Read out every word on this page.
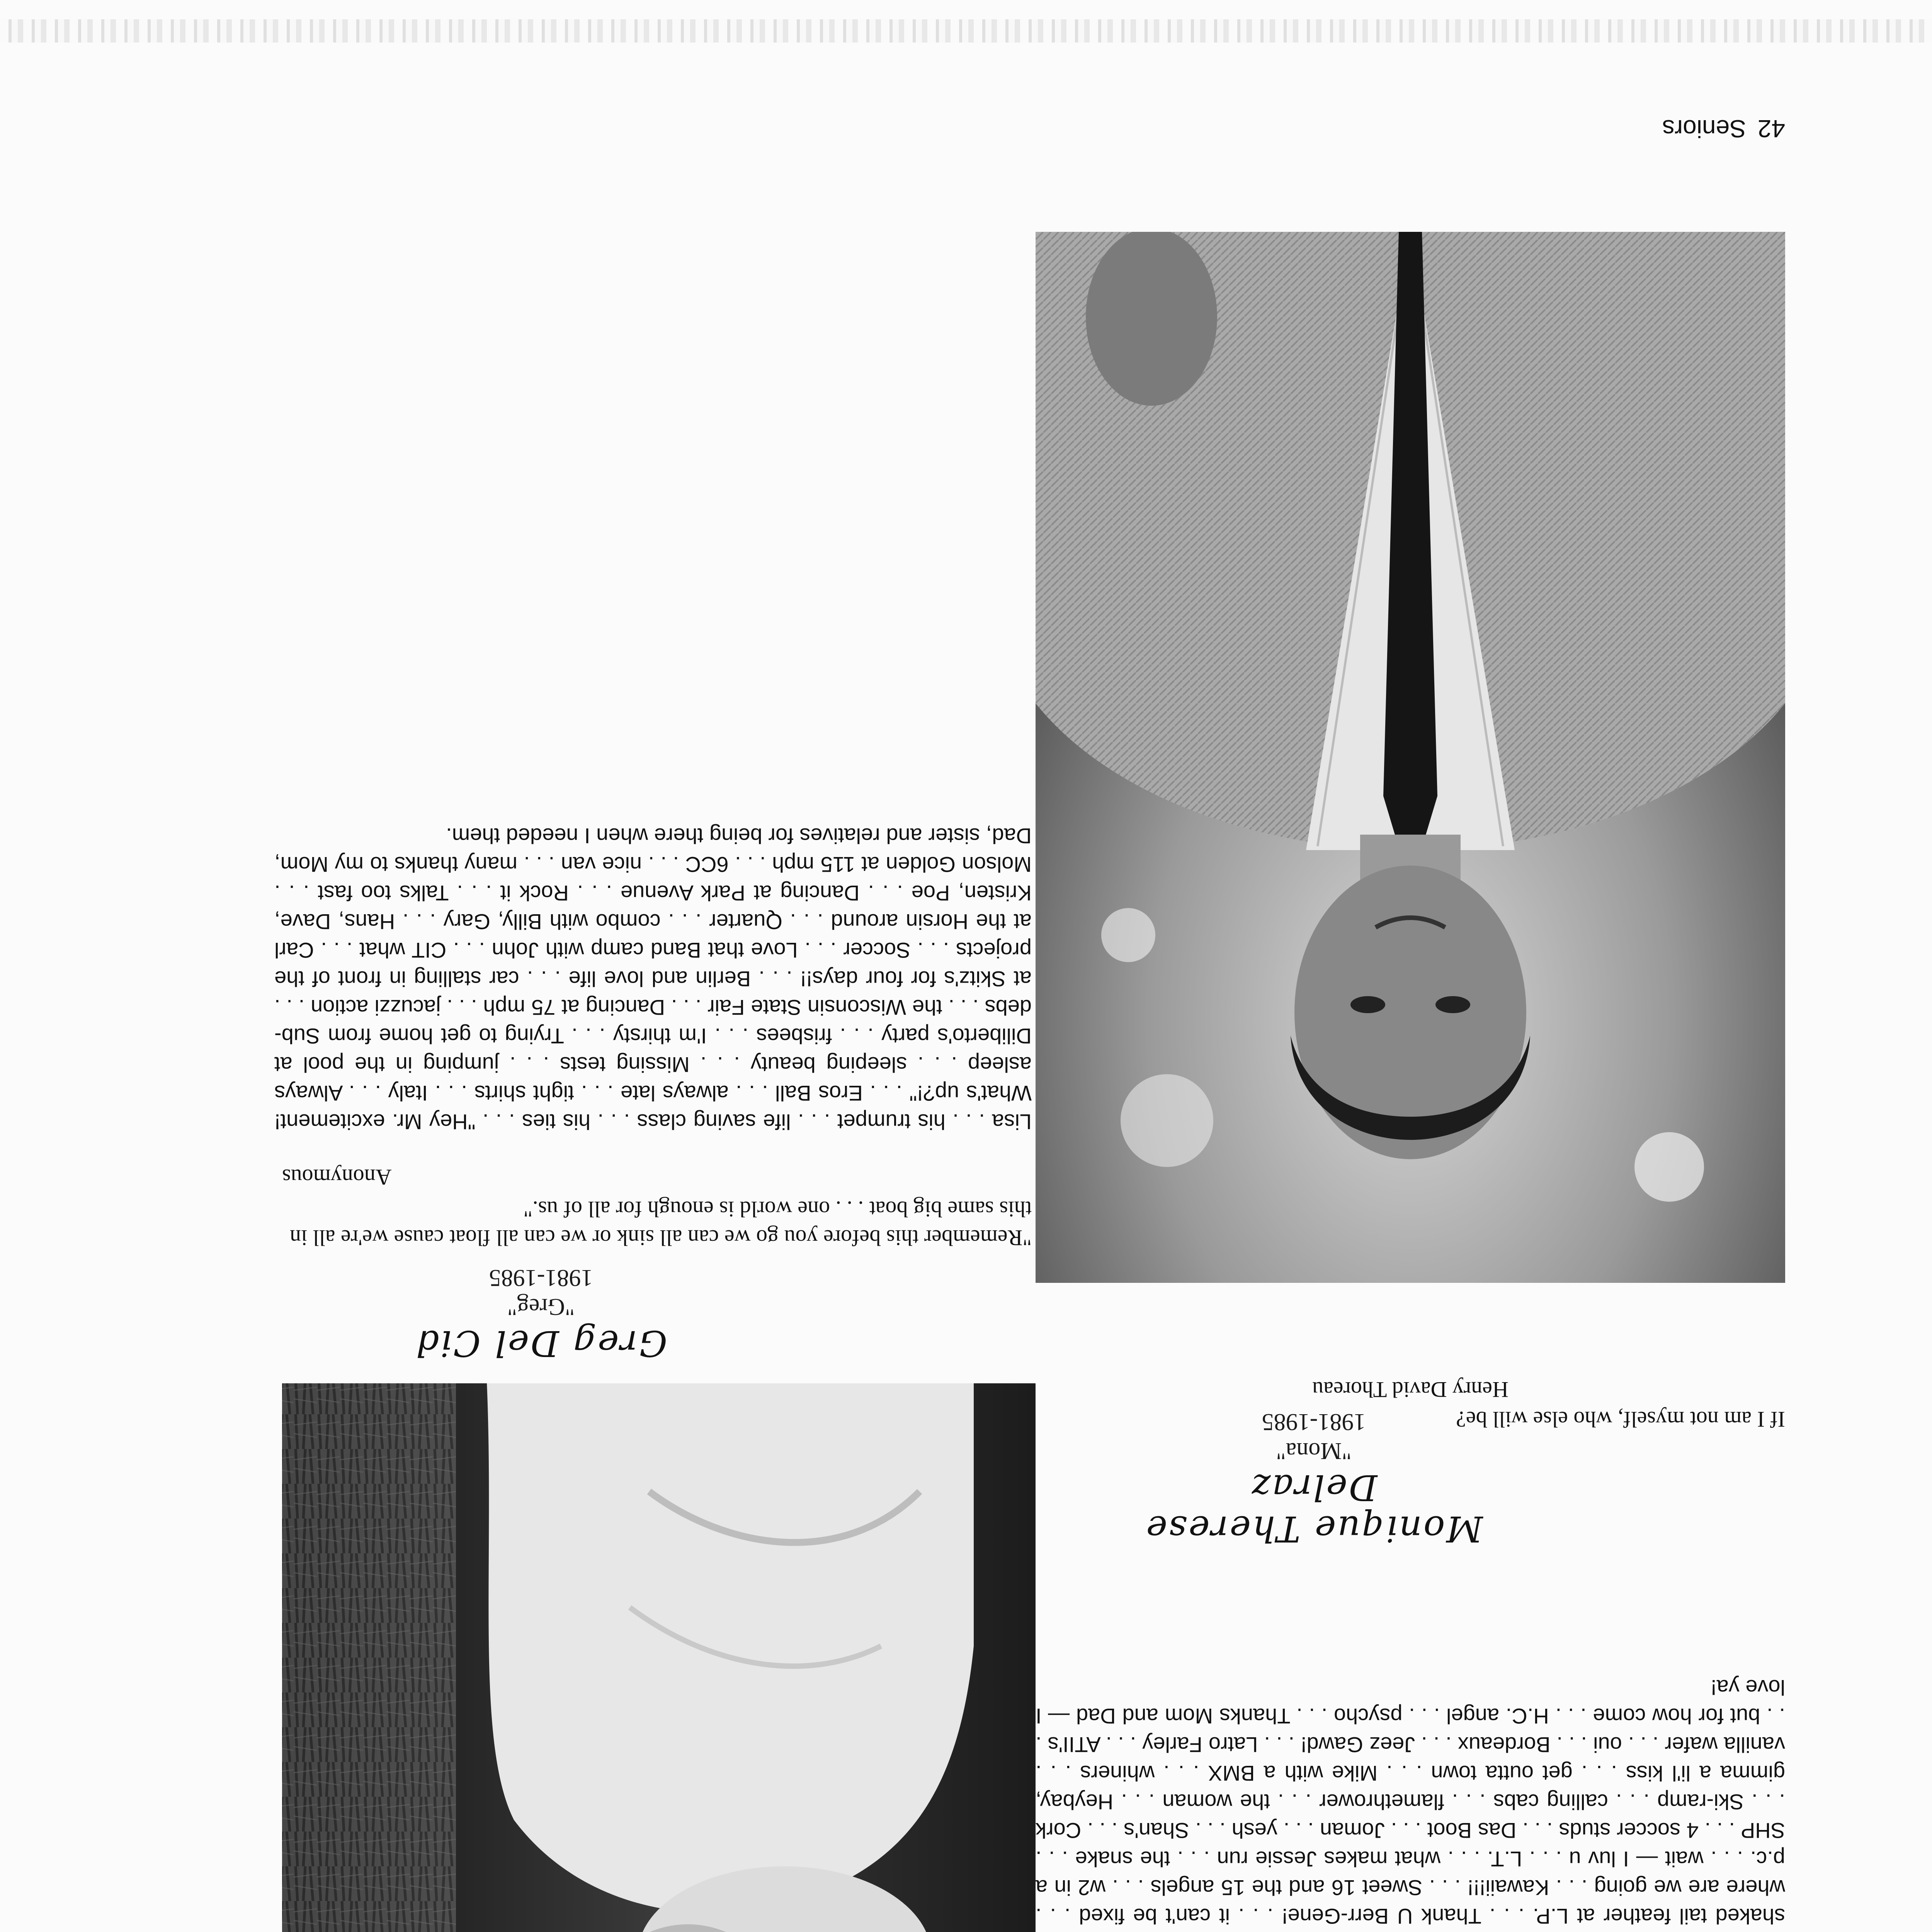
Greg Del Cid
"Greg"
1981-1985
"Remember this before you go we can all sink or we can all float cause we're all in this same big boat . . . one world is enough for all of us."
Anonymous
Lisa . . . his trumpet . . . life saving class . . . his ties . . . "Hey Mr. excitement! What's up?!" . . . Eros Ball . . . always late . . . tight shirts . . . Italy . . . Always asleep . . . sleeping beauty . . . Missing tests . . . jumping in the pool at Diliberto's party . . . frisbees . . . I'm thirsty . . . Trying to get home from Sub-debs . . . the Wisconsin State Fair . . . Dancing at 75 mph . . . jacuzzi action . . . at Skitz's for four days!! . . . Berlin and love life . . . car stalling in front of the projects . . . Soccer . . . Love that Band camp with John . . . CIT what . . . Carl at the Horsin around . . . Quarter . . . combo with Billy, Gary . . . Hans, Dave, Kristen, Poe . . . Dancing at Park Avenue . . . Rock it . . . Talks too fast . . . Molson Golden at 115 mph . . . 6CC . . . nice van . . . many thanks to my Mom, Dad, sister and relatives for being there when I needed them.
Monique Therese Delraz
"Mona"
1981-1985	If I am not myself, who else will be?
Henry David Thoreau
shaked tail feather at L.P. . . . Thank U Berr-Gene! . . . it can't be fixed . . . where are we going . . . Kawaii!!! . . . Sweet 16 and the 15 angels . . . w2 in a p.c. . . . wait — I luv u . . . L.T. . . . what makes Jessie run . . . the snake . . . SHP . . . 4 soccer studs . . . Das Boot . . . Joman . . . yesh . . . Shan's . . . Cork . . . Ski-ramp . . . calling cabs . . . flamethrower . . . the woman . . . Heybay, gimma a li'l kiss . . . get outta town . . . Mike with a BMX . . . whiners . . . vanilla wafer . . . oui . . . Bordeaux . . . Jeez Gawd! . . . Latro Farley . . . ATII's . . . but for how come . . . H.C. angel . . . psycho . . . Thanks Mom and Dad — I love ya!
42Seniors
